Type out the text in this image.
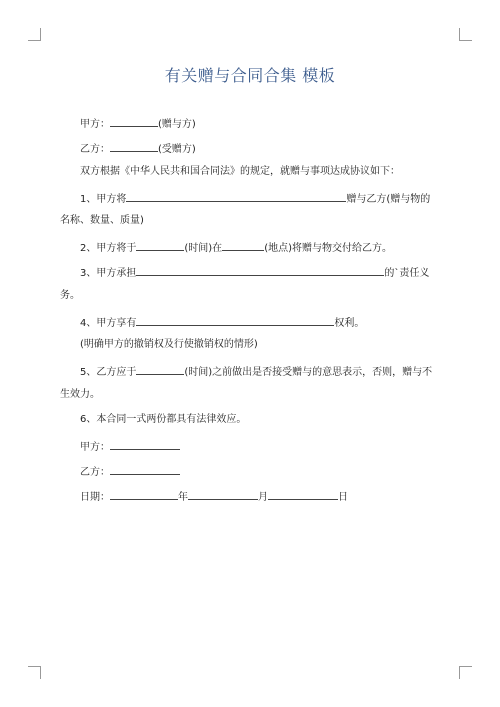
有关赠与合同合集 模板
甲方：	(赠与方)
乙方：	(受赠方)
双方根据《中华人民共和国合同法》的规定，就赠与事项达成协议如下：
1、甲方将	赠与乙方(赠与物的
名称、数量、质量)
2、甲方将于	(时间)在	(地点)将赠与物交付给乙方。
3、甲方承担	的`责任义
务。
4、甲方享有	权利。
(明确甲方的撤销权及行使撤销权的情形)
5、乙方应于	(时间)之前做出是否接受赠与的意思表示，否则，赠与不
生效力。
6、本合同一式两份都具有法律效应。
甲方：
乙方：
日期：	年	月	日
